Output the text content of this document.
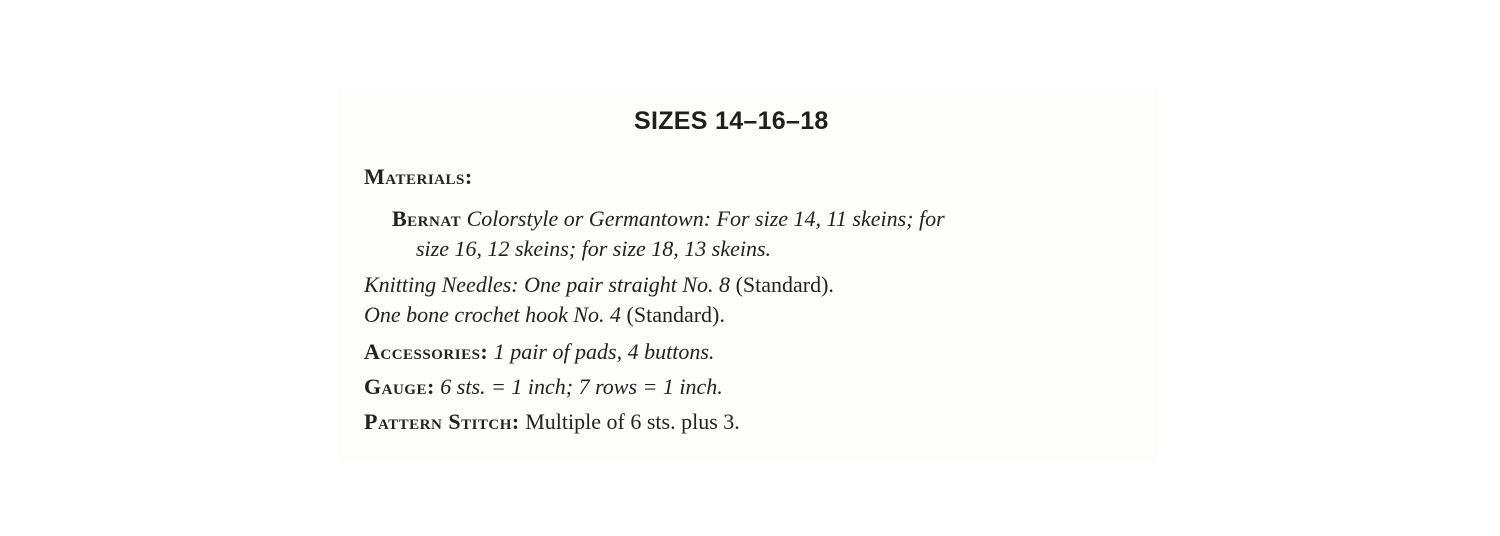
SIZES 14–16–18
Materials:
Bernat Colorstyle or Germantown: For size 14, 11 skeins; for
size 16, 12 skeins; for size 18, 13 skeins.
Knitting Needles: One pair straight No. 8 (Standard).
One bone crochet hook No. 4 (Standard).
Accessories: 1 pair of pads, 4 buttons.
Gauge: 6 sts. = 1 inch; 7 rows = 1 inch.
Pattern Stitch: Multiple of 6 sts. plus 3.
